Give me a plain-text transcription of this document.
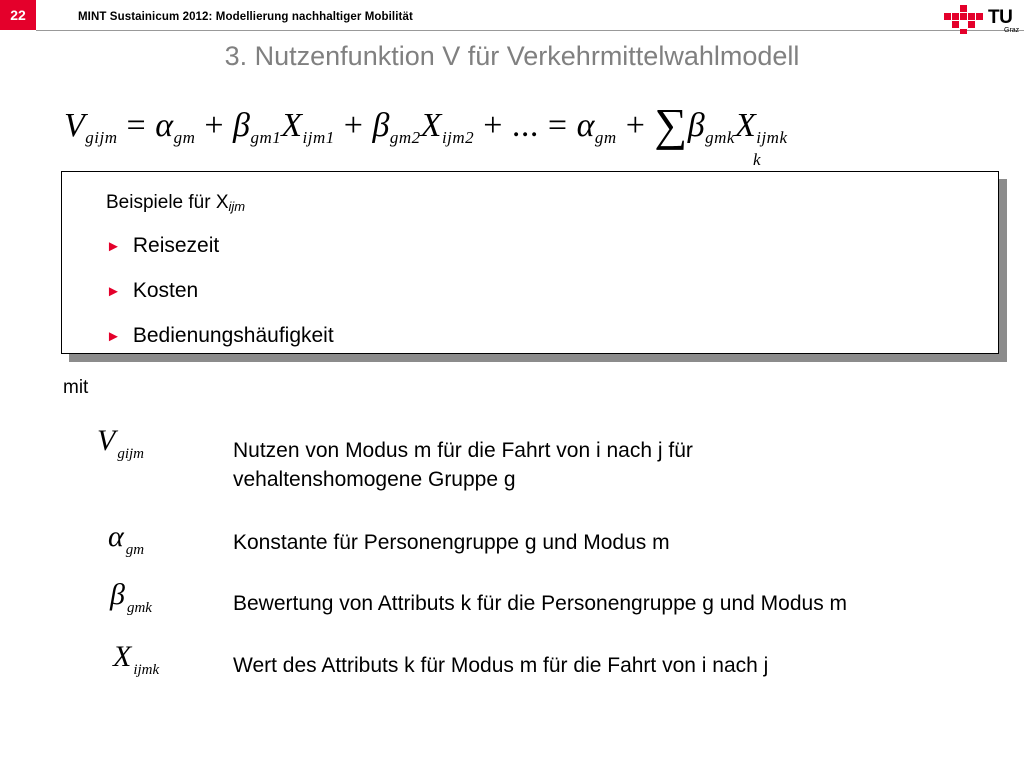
22	MINT Sustainicum 2012: Modellierung nachhaltiger Mobilität	TU
Graz
3. Nutzenfunktion V für Verkehrmittelwahlmodell
$V_{gijm} = \alpha_{gm} + \beta_{gm1}X_{ijm1} + \beta_{gm2}X_{ijm2}$ + ... = $\alpha_{gm} + \sum\beta_{gmk}X_{ijmk}$
k
Beispiele für $X_{ijm}$
► Reisezeit
► Kosten
► Bedienungshäufigkeit
mit
Vgijm	Nutzen von Modus m für die Fahrt von i nach j für vehaltenshomogene Gruppe g
αgm	Konstante für Personengruppe g und Modus m
βgmk	Bewertung von Attributs k für die Personengruppe g und Modus m
Xijmk	Wert des Attributs k für Modus m für die Fahrt von i nach j
